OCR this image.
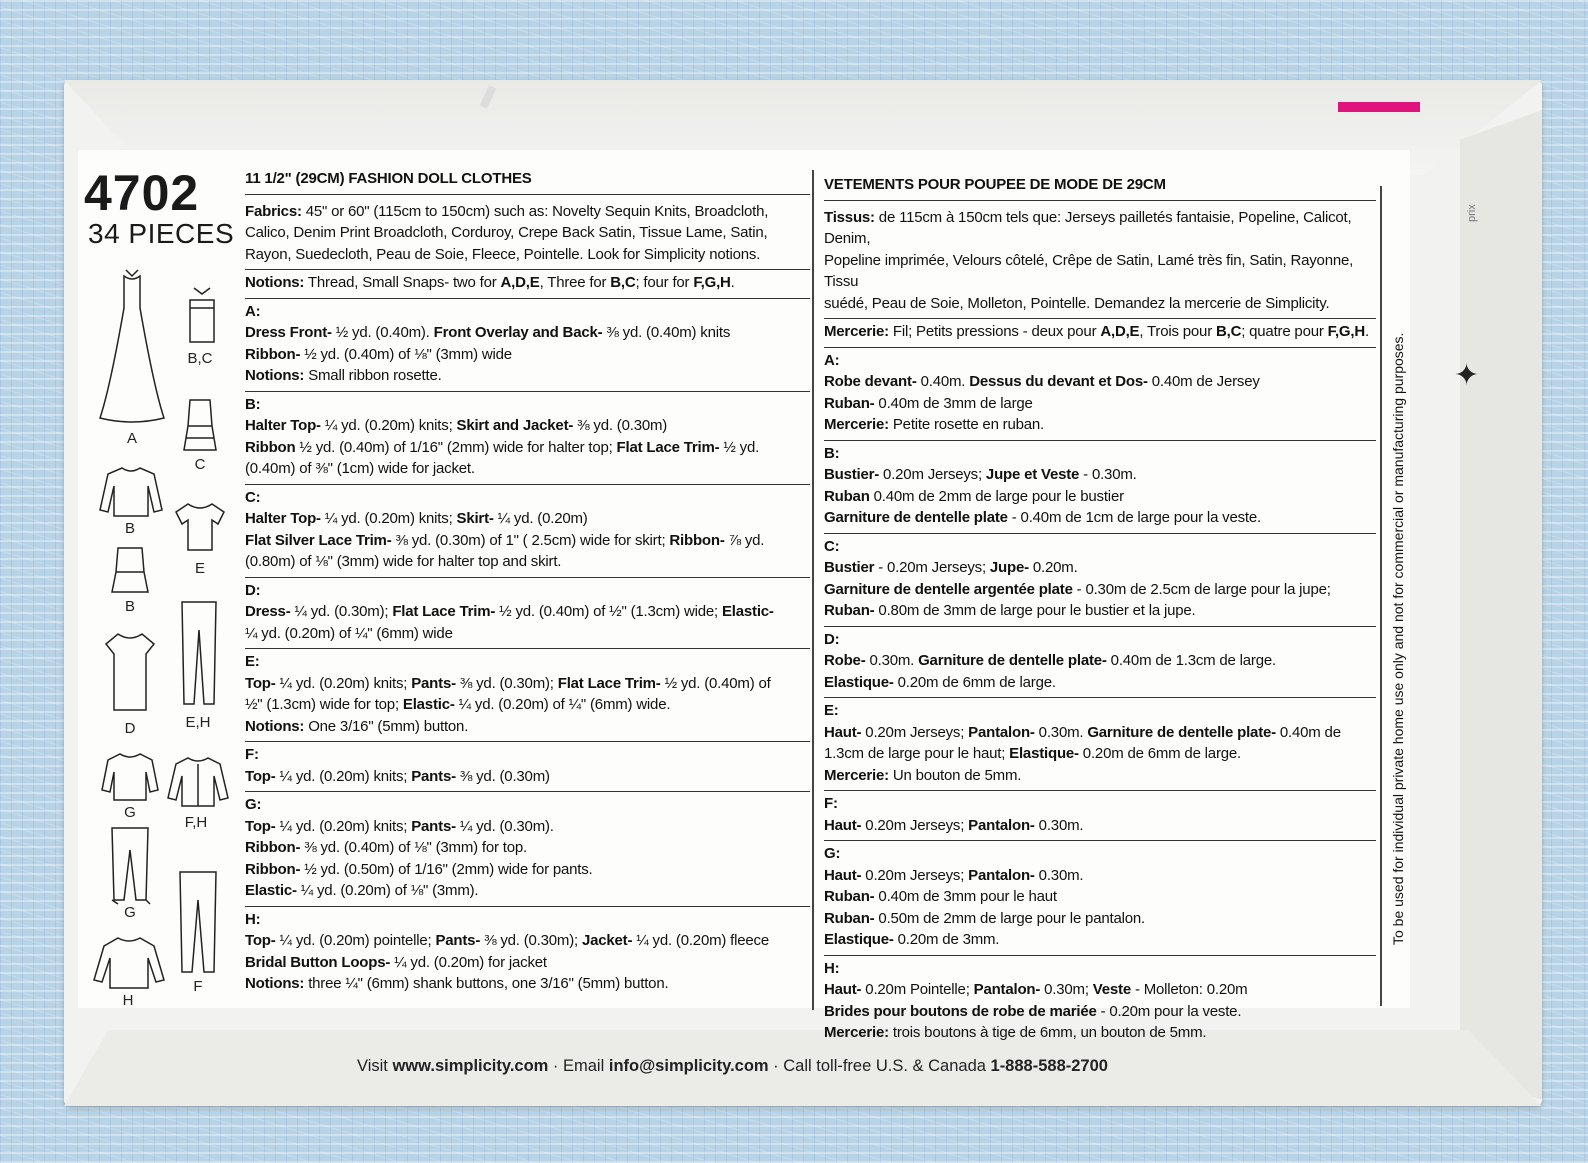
prix
✦
4702
34 PIECES
A
B,C
C
B
E
B
E,H
D
G
F,H
G
F
H
11 1/2" (29CM) FASHION DOLL CLOTHES
Fabrics: 45" or 60" (115cm to 150cm) such as: Novelty Sequin Knits, Broadcloth,
Calico, Denim Print Broadcloth, Corduroy, Crepe Back Satin, Tissue Lame, Satin,
Rayon, Suedecloth, Peau de Soie, Fleece, Pointelle. Look for Simplicity notions.
Notions: Thread, Small Snaps- two for A,D,E, Three for B,C; four for F,G,H.
A:
Dress Front- ½ yd. (0.40m). Front Overlay and Back- ⅜ yd. (0.40m) knits
Ribbon- ½ yd. (0.40m) of ⅛" (3mm) wide
Notions: Small ribbon rosette.
B:
Halter Top- ¼ yd. (0.20m) knits; Skirt and Jacket- ⅜ yd. (0.30m)
Ribbon ½ yd. (0.40m) of 1/16" (2mm) wide for halter top; Flat Lace Trim- ½ yd.
(0.40m) of ⅜" (1cm) wide for jacket.
C:
Halter Top- ¼ yd. (0.20m) knits; Skirt- ¼ yd. (0.20m)
Flat Silver Lace Trim- ⅜ yd. (0.30m) of 1" ( 2.5cm) wide for skirt; Ribbon- ⅞ yd.
(0.80m) of ⅛" (3mm) wide for halter top and skirt.
D:
Dress- ¼ yd. (0.30m); Flat Lace Trim- ½ yd. (0.40m) of ½" (1.3cm) wide; Elastic-
¼ yd. (0.20m) of ¼" (6mm) wide
E:
Top- ¼ yd. (0.20m) knits; Pants- ⅜ yd. (0.30m); Flat Lace Trim- ½ yd. (0.40m) of
½" (1.3cm) wide for top; Elastic- ¼ yd. (0.20m) of ¼" (6mm) wide.
Notions: One 3/16" (5mm) button.
F:
Top- ¼ yd. (0.20m) knits; Pants- ⅜ yd. (0.30m)
G:
Top- ¼ yd. (0.20m) knits; Pants- ¼ yd. (0.30m).
Ribbon- ⅜ yd. (0.40m) of ⅛" (3mm) for top.
Ribbon- ½ yd. (0.50m) of 1/16" (2mm) wide for pants.
Elastic- ¼ yd. (0.20m) of ⅛" (3mm).
H:
Top- ¼ yd. (0.20m) pointelle; Pants- ⅜ yd. (0.30m); Jacket- ¼ yd. (0.20m) fleece
Bridal Button Loops- ¼ yd. (0.20m) for jacket
Notions: three ¼" (6mm) shank buttons, one 3/16" (5mm) button.
VETEMENTS POUR POUPEE DE MODE DE 29CM
Tissus: de 115cm à 150cm tels que: Jerseys pailletés fantaisie, Popeline, Calicot, Denim,
Popeline imprimée, Velours côtelé, Crêpe de Satin, Lamé très fin, Satin, Rayonne, Tissu
suédé, Peau de Soie, Molleton, Pointelle. Demandez la mercerie de Simplicity.
Mercerie: Fil; Petits pressions - deux pour A,D,E, Trois pour B,C; quatre pour F,G,H.
A:
Robe devant- 0.40m. Dessus du devant et Dos- 0.40m de Jersey
Ruban- 0.40m de 3mm de large
Mercerie: Petite rosette en ruban.
B:
Bustier- 0.20m Jerseys; Jupe et Veste - 0.30m.
Ruban 0.40m de 2mm de large pour le bustier
Garniture de dentelle plate - 0.40m de 1cm de large pour la veste.
C:
Bustier - 0.20m Jerseys; Jupe- 0.20m.
Garniture de dentelle argentée plate - 0.30m de 2.5cm de large pour la jupe;
Ruban- 0.80m de 3mm de large pour le bustier et la jupe.
D:
Robe- 0.30m. Garniture de dentelle plate- 0.40m de 1.3cm de large.
Elastique- 0.20m de 6mm de large.
E:
Haut- 0.20m Jerseys; Pantalon- 0.30m. Garniture de dentelle plate- 0.40m de
1.3cm de large pour le haut; Elastique- 0.20m de 6mm de large.
Mercerie: Un bouton de 5mm.
F:
Haut- 0.20m Jerseys; Pantalon- 0.30m.
G:
Haut- 0.20m Jerseys; Pantalon- 0.30m.
Ruban- 0.40m de 3mm pour le haut
Ruban- 0.50m de 2mm de large pour le pantalon.
Elastique- 0.20m de 3mm.
H:
Haut- 0.20m Pointelle; Pantalon- 0.30m; Veste - Molleton: 0.20m
Brides pour boutons de robe de mariée - 0.20m pour la veste.
Mercerie: trois boutons à tige de 6mm, un bouton de 5mm.
To be used for individual private home use only and not for commercial or manufacturing purposes.
Visit www.simplicity.com · Email info@simplicity.com · Call toll-free U.S. & Canada 1-888-588-2700
